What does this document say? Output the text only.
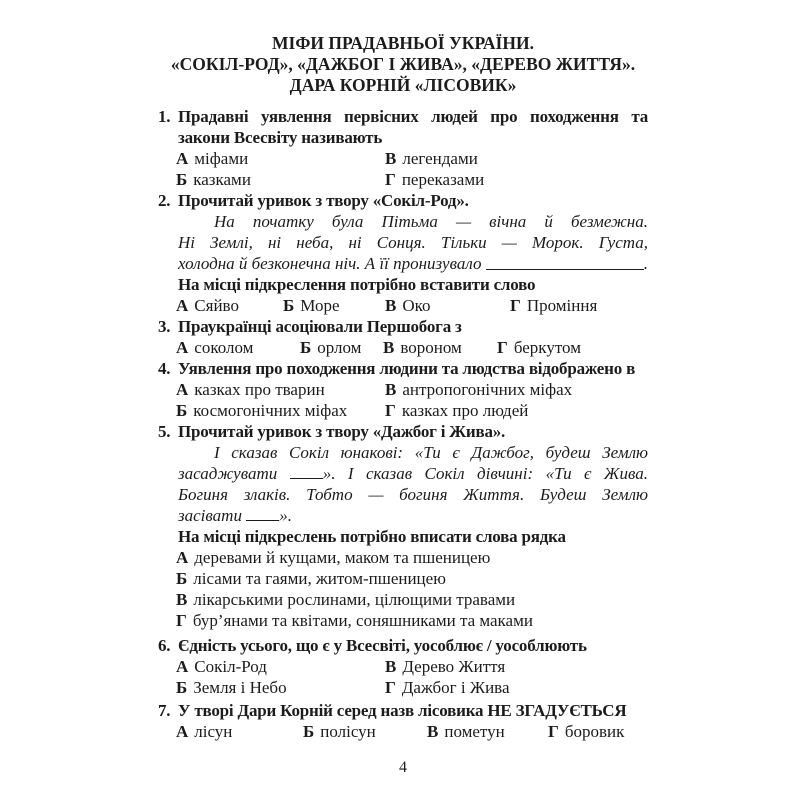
МІФИ ПРАДАВНЬОЇ УКРАЇНИ.
«СОКІЛ-РОД», «ДАЖБОГ І ЖИВА», «ДЕРЕВО ЖИТТЯ».
ДАРА КОРНІЙ «ЛІСОВИК»
1. Прадавні уявлення первісних людей про походження та
закони Всесвіту називають
А міфами
Б казками
В легендами
Г переказами
2. Прочитай уривок з твору «Сокіл-Род».
На початку була Пітьма — вічна й безмежна.
Ні Землі, ні неба, ні Сонця. Тільки — Морок. Густа,
холодна й безконечна ніч. А її пронизувало	.
На місці підкреслення потрібно вставити слово
А Сяйво	Б Море	В Око	Г Проміння
3. Праукраїнці асоціювали Першобога з
А соколом	Б орлом	В вороном	Г беркутом
4. Уявлення про походження людини та людства відображено в
А казках про тварин
Б космогонічних міфах
В антропогонічних міфах
Г казках про людей
5. Прочитай уривок з твору «Дажбог і Жива».
І сказав Сокіл юнакові: «Ти є Дажбог, будеш Землю
засаджувати ». І сказав Сокіл дівчині: «Ти є Жива.
Богиня злаків. Тобто — богиня Життя. Будеш Землю
засівати ».
На місці підкреслень потрібно вписати слова рядка
А деревами й кущами, маком та пшеницею
Б лісами та гаями, житом-пшеницею
В лікарськими рослинами, цілющими травами
Г бур’янами та квітами, соняшниками та маками
6. Єдність усього, що є у Всесвіті, уособлює / уособлюють
А Сокіл-Род
Б Земля і Небо
В Дерево Життя
Г Дажбог і Жива
7. У творі Дари Корній серед назв лісовика НЕ ЗГАДУЄТЬСЯ
А лісун	Б полісун	В пометун	Г боровик
4
